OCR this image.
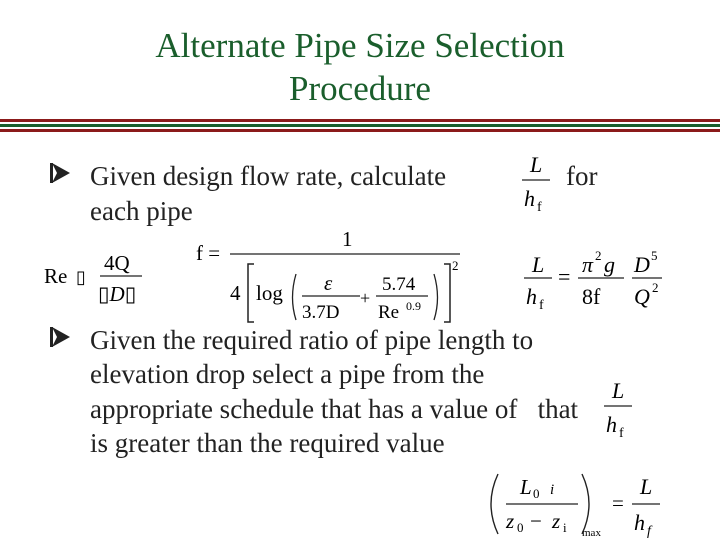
Alternate Pipe Size Selection
Procedure
Given design flow rate, calculate	for
each pipe
L
h f
Re ▯
4Q
▯D▯
f =
1
4 log ε
3.7D
+
5.74
Re 0.9
2	L
h f
= π 2 g
8f
D 5
Q 2
Given the required ratio of pipe length to
elevation drop select a pipe from the
appropriate schedule that has a value of   that
is greater than the required value
L
h f
L 0 i
z 0 − z i max
=
L
h f
